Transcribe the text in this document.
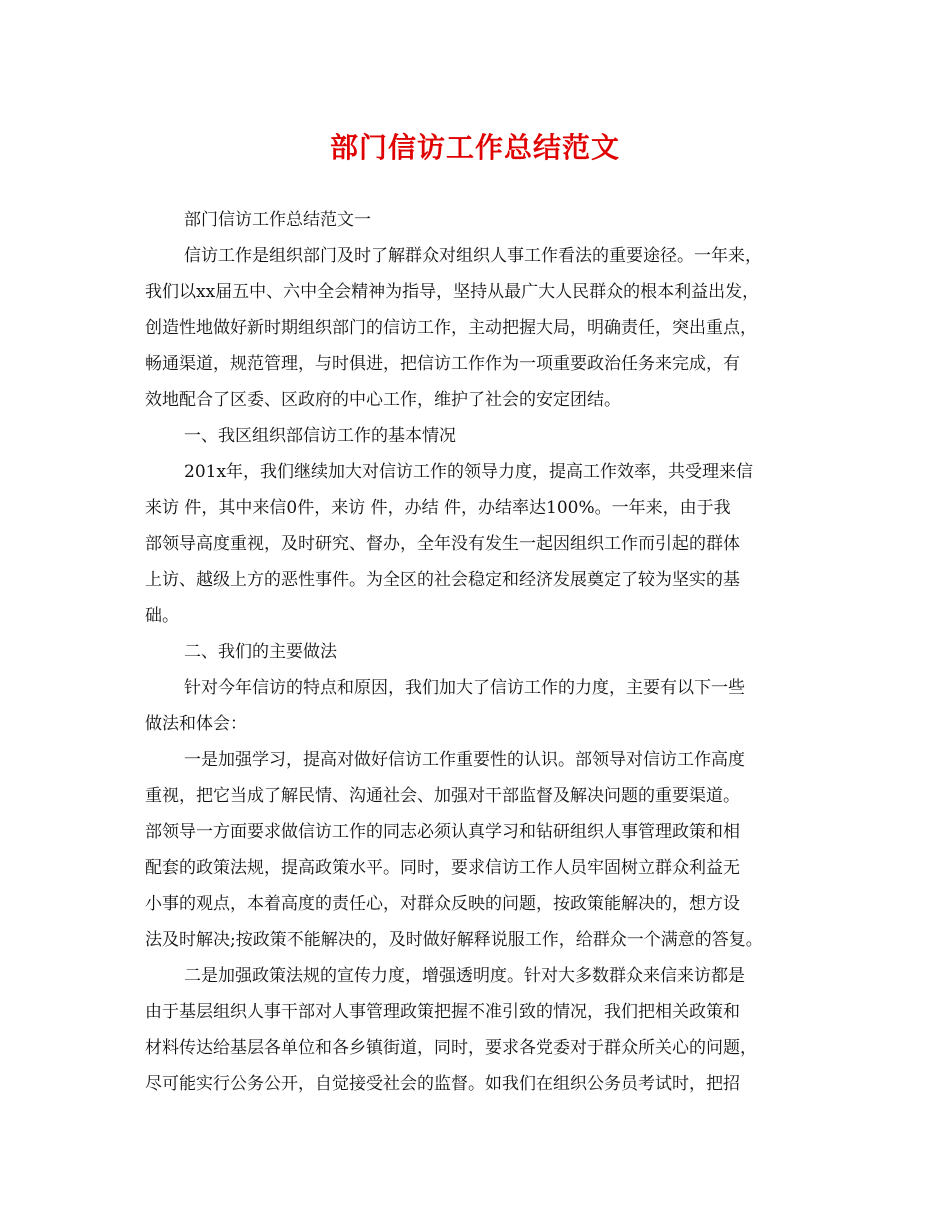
部门信访工作总结范文
部门信访工作总结范文一
信访工作是组织部门及时了解群众对组织人事工作看法的重要途径。一年来，
我们以xx届五中、六中全会精神为指导，坚持从最广大人民群众的根本利益出发，
创造性地做好新时期组织部门的信访工作，主动把握大局，明确责任，突出重点，
畅通渠道，规范管理，与时俱进，把信访工作作为一项重要政治任务来完成，有
效地配合了区委、区政府的中心工作，维护了社会的安定团结。
一、我区组织部信访工作的基本情况
201x年，我们继续加大对信访工作的领导力度，提高工作效率，共受理来信
来访 件，其中来信0件，来访 件，办结 件，办结率达100%。一年来，由于我
部领导高度重视，及时研究、督办，全年没有发生一起因组织工作而引起的群体
上访、越级上方的恶性事件。为全区的社会稳定和经济发展奠定了较为坚实的基
础。
二、我们的主要做法
针对今年信访的特点和原因，我们加大了信访工作的力度，主要有以下一些
做法和体会：
一是加强学习，提高对做好信访工作重要性的认识。部领导对信访工作高度
重视，把它当成了解民情、沟通社会、加强对干部监督及解决问题的重要渠道。
部领导一方面要求做信访工作的同志必须认真学习和钻研组织人事管理政策和相
配套的政策法规，提高政策水平。同时，要求信访工作人员牢固树立群众利益无
小事的观点，本着高度的责任心，对群众反映的问题，按政策能解决的，想方设
法及时解决;按政策不能解决的，及时做好解释说服工作，给群众一个满意的答复。
二是加强政策法规的宣传力度，增强透明度。针对大多数群众来信来访都是
由于基层组织人事干部对人事管理政策把握不准引致的情况，我们把相关政策和
材料传达给基层各单位和各乡镇街道，同时，要求各党委对于群众所关心的问题，
尽可能实行公务公开，自觉接受社会的监督。如我们在组织公务员考试时，把招
